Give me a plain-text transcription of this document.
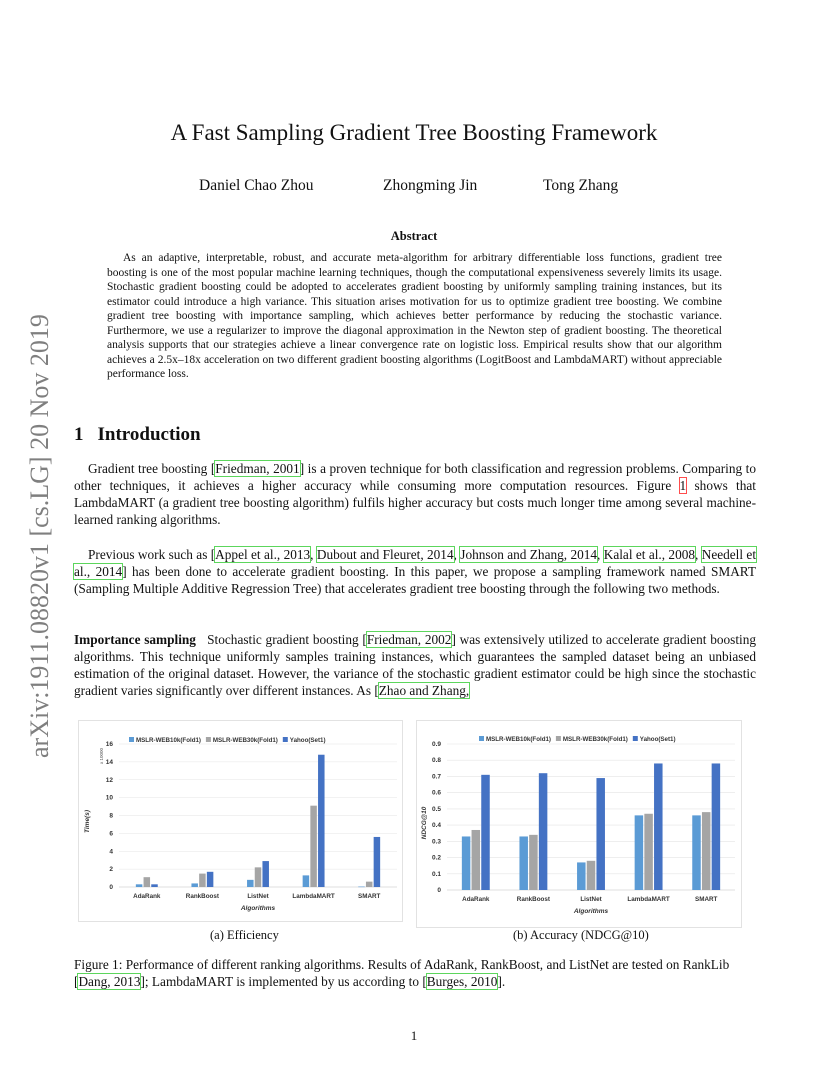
arXiv:1911.08820v1 [cs.LG] 20 Nov 2019
A Fast Sampling Gradient Tree Boosting Framework
Daniel Chao Zhou	Zhongming Jin	Tong Zhang
Abstract
As an adaptive, interpretable, robust, and accurate meta-algorithm for arbitrary differentiable loss functions, gradient tree boosting is one of the most popular machine learning techniques, though the computational expensiveness severely limits its usage. Stochastic gradient boosting could be adopted to accelerates gradient boosting by uniformly sampling training instances, but its estimator could introduce a high variance. This situation arises motivation for us to optimize gradient tree boosting. We combine gradient tree boosting with importance sampling, which achieves better performance by reducing the stochastic variance. Furthermore, we use a regularizer to improve the diagonal approximation in the Newton step of gradient boosting. The theoretical analysis supports that our strategies achieve a linear convergence rate on logistic loss. Empirical results show that our algorithm achieves a 2.5x–18x acceleration on two different gradient boosting algorithms (LogitBoost and LambdaMART) without appreciable performance loss.
1 Introduction
Gradient tree boosting [Friedman, 2001] is a proven technique for both classification and regression problems. Comparing to other techniques, it achieves a higher accuracy while consuming more computation resources. Figure 1 shows that LambdaMART (a gradient tree boosting algorithm) fulfils higher accuracy but costs much longer time among several machine-learned ranking algorithms.
Previous work such as [Appel et al., 2013, Dubout and Fleuret, 2014, Johnson and Zhang, 2014, Kalal et al., 2008, Needell et al., 2014] has been done to accelerate gradient boosting. In this paper, we propose a sampling framework named SMART (Sampling Multiple Additive Regression Tree) that accelerates gradient tree boosting through the following two methods.
Importance sampling   Stochastic gradient boosting [Friedman, 2002] was extensively utilized to accelerate gradient boosting algorithms. This technique uniformly samples training instances, which guarantees the sampled dataset being an unbiased estimation of the original dataset. However, the variance of the stochastic gradient estimator could be high since the stochastic gradient varies significantly over different instances. As [Zhao and Zhang,
MSLR-WEB10k(Fold1) MSLR-WEB30k(Fold1) Yahoo(Set1)
0
2
4
6
8
10
12
14
16
AdaRank	RankBoost	ListNet	LambdaMART	SMART
Algorithms
Time(s)
x 10000
MSLR-WEB10k(Fold1) MSLR-WEB30k(Fold1) Yahoo(Set1)
0
0.1
0.2
0.3
0.4
0.5
0.6
0.7
0.8
0.9
AdaRank	RankBoost	ListNet	LambdaMART	SMART
Algorithms
NDCG@10
(a) Efficiency	(b) Accuracy (NDCG@10)
Figure 1: Performance of different ranking algorithms. Results of AdaRank, RankBoost, and ListNet are tested on RankLib [Dang, 2013]; LambdaMART is implemented by us according to [Burges, 2010].
1
